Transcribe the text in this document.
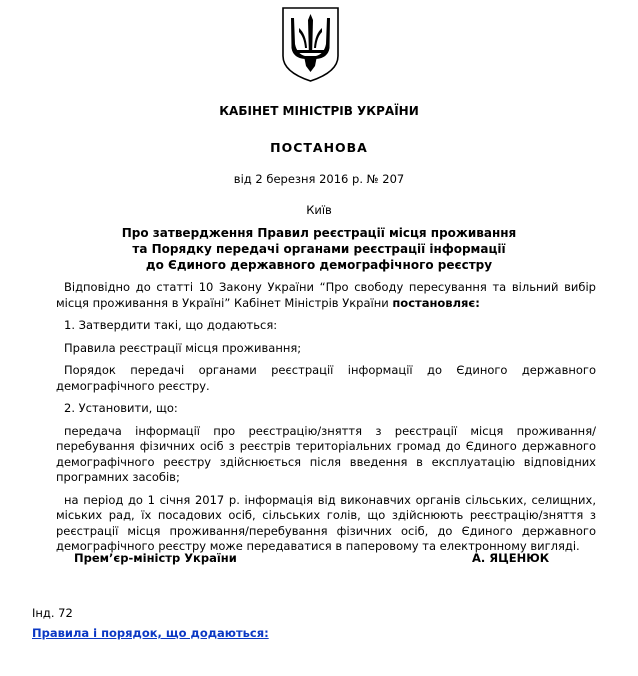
КАБІНЕТ МІНІСТРІВ УКРАЇНИ
ПОСТАНОВА
від 2 березня 2016 р. № 207
Київ
Про затвердження Правил реєстрації місця проживання
та Порядку передачі органами реєстрації інформації
до Єдиного державного демографічного реєстру

Відповідно до статті 10 Закону України “Про свободу пересування та вільний вибір місця проживання в Україні” Кабінет Міністрів України постановляє:

1. Затвердити такі, що додаються:

Правила реєстрації місця проживання;

Порядок передачі органами реєстрації інформації до Єдиного державного демографічного реєстру.

2. Установити, що:

передача інформації про реєстрацію/зняття з реєстрації місця проживання/перебування фізичних осіб з реєстрів територіальних громад до Єдиного державного демографічного реєстру здійснюється після введення в експлуатацію відповідних програмних засобів;

на період до 1 січня 2017 р. інформація від виконавчих органів сільських, селищних, міських рад, їх посадових осіб, сільських голів, що здійснюють реєстрацію/зняття з реєстрації місця проживання/перебування фізичних осіб, до Єдиного державного демографічного реєстру може передаватися в паперовому та електронному вигляді.

Прем’єр-міністр України	А. ЯЦЕНЮК
Інд. 72
Правила і порядок, що додаються:
